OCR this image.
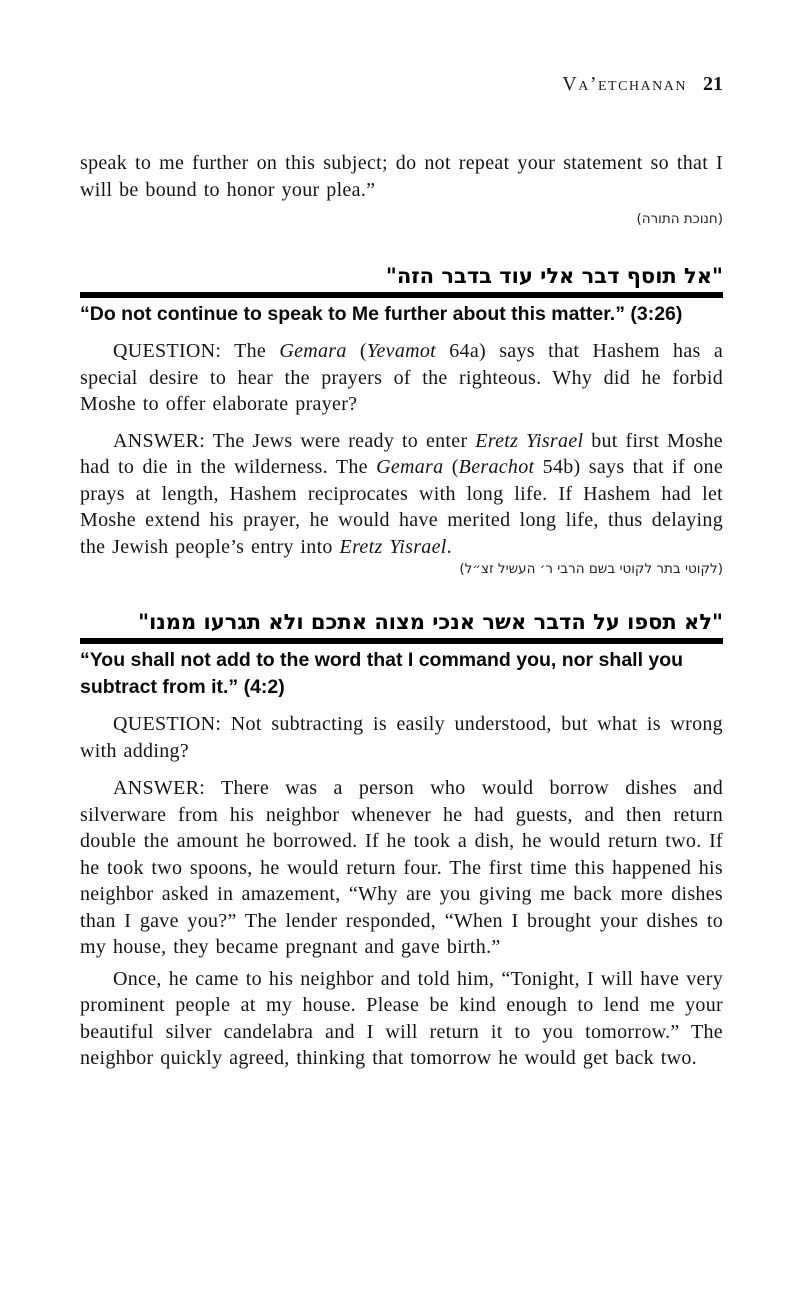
Va’etchanan 21

speak to me further on this subject; do not repeat your statement so that I will be bound to honor your plea.”

(חנוכת התורה)

"אל תוסף דבר אלי עוד בדבר הזה"

“Do not continue to speak to Me further about this matter.” (3:26)

QUESTION: The Gemara (Yevamot 64a) says that Hashem has a special desire to hear the prayers of the righteous. Why did he forbid Moshe to offer elaborate prayer?

ANSWER: The Jews were ready to enter Eretz Yisrael but first Moshe had to die in the wilderness. The Gemara (Berachot 54b) says that if one prays at length, Hashem reciprocates with long life. If Hashem had let Moshe extend his prayer, he would have merited long life, thus delaying the Jewish people’s entry into Eretz Yisrael.

(לקוטי בתר לקוטי בשם הרבי ר׳ העשיל זצ״ל)

"לא תספו על הדבר אשר אנכי מצוה אתכם ולא תגרעו ממנו"

“You shall not add to the word that I command you, nor shall you subtract from it.” (4:2)

QUESTION: Not subtracting is easily understood, but what is wrong with adding?

ANSWER: There was a person who would borrow dishes and silverware from his neighbor whenever he had guests, and then return double the amount he borrowed. If he took a dish, he would return two. If he took two spoons, he would return four. The first time this happened his neighbor asked in amazement, “Why are you giving me back more dishes than I gave you?” The lender responded, “When I brought your dishes to my house, they became pregnant and gave birth.”

Once, he came to his neighbor and told him, “Tonight, I will have very prominent people at my house. Please be kind enough to lend me your beautiful silver candelabra and I will return it to you tomorrow.” The neighbor quickly agreed, thinking that tomorrow he would get back two.
